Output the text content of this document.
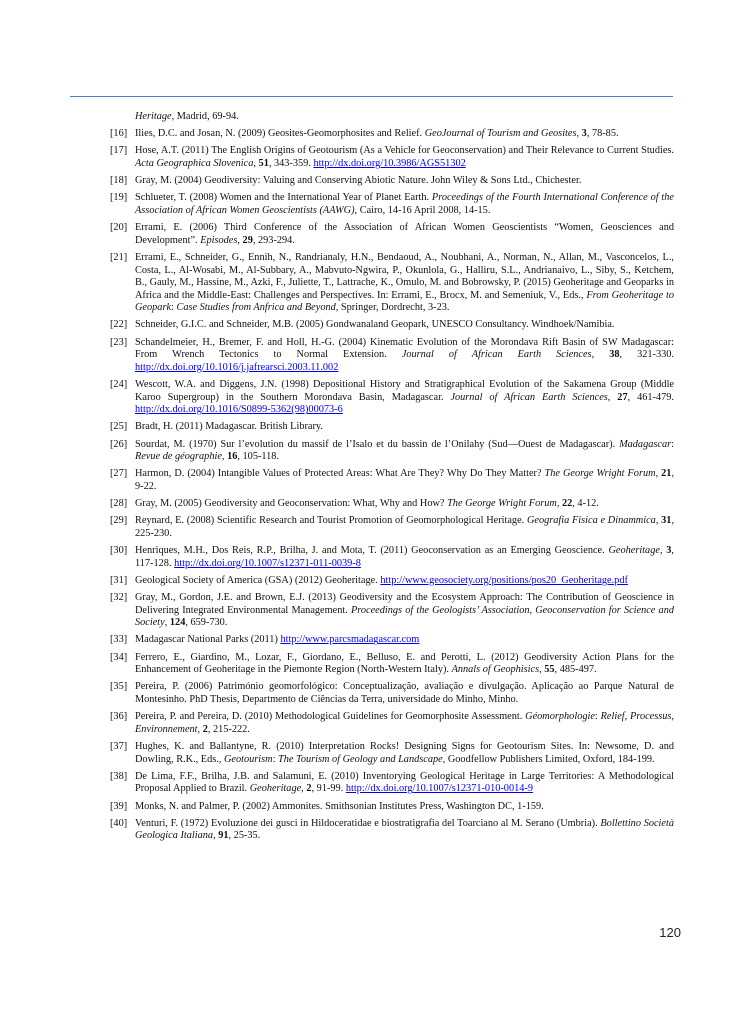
Heritage, Madrid, 69-94.
[16] Ilies, D.C. and Josan, N. (2009) Geosites-Geomorphosites and Relief. GeoJournal of Tourism and Geosites, 3, 78-85.
[17] Hose, A.T. (2011) The English Origins of Geotourism (As a Vehicle for Geoconservation) and Their Relevance to Current Studies. Acta Geographica Slovenica, 51, 343-359. http://dx.doi.org/10.3986/AGS51302
[18] Gray, M. (2004) Geodiversity: Valuing and Conserving Abiotic Nature. John Wiley & Sons Ltd., Chichester.
[19] Schlueter, T. (2008) Women and the International Year of Planet Earth. Proceedings of the Fourth International Conference of the Association of African Women Geoscientists (AAWG), Cairo, 14-16 April 2008, 14-15.
[20] Errami, E. (2006) Third Conference of the Association of African Women Geoscientists “Women, Geosciences and Development”. Episodes, 29, 293-294.
[21] Errami, E., Schneider, G., Ennih, N., Randrianaly, H.N., Bendaoud, A., Noubhani, A., Norman, N., Allan, M., Vasconcelos, L., Costa, L., Al-Wosabi, M., Al-Subbary, A., Mabvuto-Ngwira, P., Okunlola, G., Halliru, S.L., Andrianaivo, L., Siby, S., Ketchem, B., Gauly, M., Hassine, M., Azki, F., Juliette, T., Lattrache, K., Omulo, M. and Bobrowsky, P. (2015) Geoheritage and Geoparks in Africa and the Middle-East: Challenges and Perspectives. In: Errami, E., Brocx, M. and Semeniuk, V., Eds., From Geoheritage to Geopark: Case Studies from Anfrica and Beyond, Springer, Dordrecht, 3-23.
[22] Schneider, G.I.C. and Schneider, M.B. (2005) Gondwanaland Geopark, UNESCO Consultancy. Windhoek/Namibia.
[23] Schandelmeier, H., Bremer, F. and Holl, H.-G. (2004) Kinematic Evolution of the Morondava Rift Basin of SW Madagascar: From Wrench Tectonics to Normal Extension. Journal of African Earth Sciences, 38, 321-330. http://dx.doi.org/10.1016/j.jafrearsci.2003.11.002
[24] Wescott, W.A. and Diggens, J.N. (1998) Depositional History and Stratigraphical Evolution of the Sakamena Group (Middle Karoo Supergroup) in the Southern Morondava Basin, Madagascar. Journal of African Earth Sciences, 27, 461-479. http://dx.doi.org/10.1016/S0899-5362(98)00073-6
[25] Bradt, H. (2011) Madagascar. British Library.
[26] Sourdat, M. (1970) Sur l’evolution du massif de l’Isalo et du bassin de l’Onilahy (Sud—Ouest de Madagascar). Madagascar: Revue de géographie, 16, 105-118.
[27] Harmon, D. (2004) Intangible Values of Protected Areas: What Are They? Why Do They Matter? The George Wright Forum, 21, 9-22.
[28] Gray, M. (2005) Geodiversity and Geoconservation: What, Why and How? The George Wright Forum, 22, 4-12.
[29] Reynard, E. (2008) Scientific Research and Tourist Promotion of Geomorphological Heritage. Geografia Fisica e Dinammica, 31, 225-230.
[30] Henriques, M.H., Dos Reis, R.P., Brilha, J. and Mota, T. (2011) Geoconservation as an Emerging Geoscience. Geoheritage, 3, 117-128. http://dx.doi.org/10.1007/s12371-011-0039-8
[31] Geological Society of America (GSA) (2012) Geoheritage. http://www.geosociety.org/positions/pos20_Geoheritage.pdf
[32] Gray, M., Gordon, J.E. and Brown, E.J. (2013) Geodiversity and the Ecosystem Approach: The Contribution of Geoscience in Delivering Integrated Environmental Management. Proceedings of the Geologists’ Association, Geoconservation for Science and Society, 124, 659-730.
[33] Madagascar National Parks (2011) http://www.parcsmadagascar.com
[34] Ferrero, E., Giardino, M., Lozar, F., Giordano, E., Belluso, E. and Perotti, L. (2012) Geodiversity Action Plans for the Enhancement of Geoheritage in the Piemonte Region (North-Western Italy). Annals of Geophisics, 55, 485-497.
[35] Pereira, P. (2006) Património geomorfológico: Conceptualização, avaliação e divulgação. Aplicação ao Parque Natural de Montesinho. PhD Thesis, Departmento de Ciências da Terra, universidade do Minho, Minho.
[36] Pereira, P. and Pereira, D. (2010) Methodological Guidelines for Geomorphosite Assessment. Géomorphologie: Relief, Processus, Environnement, 2, 215-222.
[37] Hughes, K. and Ballantyne, R. (2010) Interpretation Rocks! Designing Signs for Geotourism Sites. In: Newsome, D. and Dowling, R.K., Eds., Geotourism: The Tourism of Geology and Landscape, Goodfellow Publishers Limited, Oxford, 184-199.
[38] De Lima, F.F., Brilha, J.B. and Salamuni, E. (2010) Inventorying Geological Heritage in Large Territories: A Methodological Proposal Applied to Brazil. Geoheritage, 2, 91-99. http://dx.doi.org/10.1007/s12371-010-0014-9
[39] Monks, N. and Palmer, P. (2002) Ammonites. Smithsonian Institutes Press, Washington DC, 1-159.
[40] Venturi, F. (1972) Evoluzione dei gusci in Hildoceratidae e biostratigrafia del Toarciano al M. Serano (Umbria). Bollettino Società Geologica Italiana, 91, 25-35.
120
